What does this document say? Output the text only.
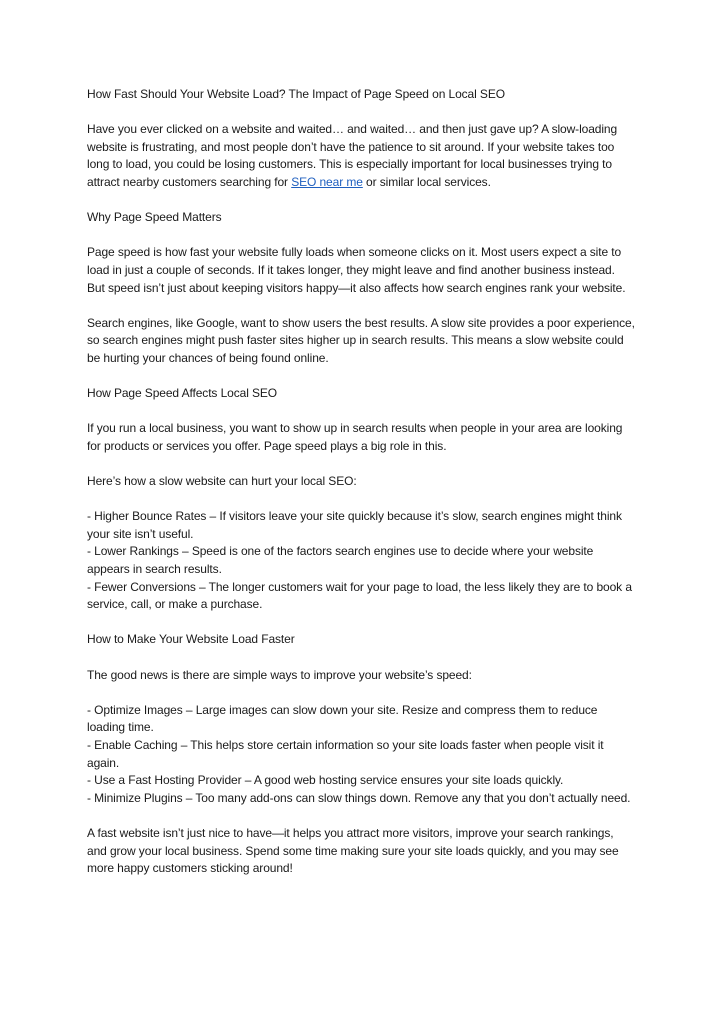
How Fast Should Your Website Load? The Impact of Page Speed on Local SEO

Have you ever clicked on a website and waited… and waited… and then just gave up? A slow-loading website is frustrating, and most people don’t have the patience to sit around. If your website takes too long to load, you could be losing customers. This is especially important for local businesses trying to attract nearby customers searching for SEO near me or similar local services.

Why Page Speed Matters

Page speed is how fast your website fully loads when someone clicks on it. Most users expect a site to load in just a couple of seconds. If it takes longer, they might leave and find another business instead. But speed isn’t just about keeping visitors happy—it also affects how search engines rank your website.

Search engines, like Google, want to show users the best results. A slow site provides a poor experience, so search engines might push faster sites higher up in search results. This means a slow website could be hurting your chances of being found online.

How Page Speed Affects Local SEO

If you run a local business, you want to show up in search results when people in your area are looking for products or services you offer. Page speed plays a big role in this.

Here’s how a slow website can hurt your local SEO:

- Higher Bounce Rates – If visitors leave your site quickly because it’s slow, search engines might think your site isn’t useful.

- Lower Rankings – Speed is one of the factors search engines use to decide where your website appears in search results.

- Fewer Conversions – The longer customers wait for your page to load, the less likely they are to book a service, call, or make a purchase.

How to Make Your Website Load Faster

The good news is there are simple ways to improve your website’s speed:

- Optimize Images – Large images can slow down your site. Resize and compress them to reduce loading time.

- Enable Caching – This helps store certain information so your site loads faster when people visit it again.

- Use a Fast Hosting Provider – A good web hosting service ensures your site loads quickly.

- Minimize Plugins – Too many add-ons can slow things down. Remove any that you don’t actually need.

A fast website isn’t just nice to have—it helps you attract more visitors, improve your search rankings, and grow your local business. Spend some time making sure your site loads quickly, and you may see more happy customers sticking around!
